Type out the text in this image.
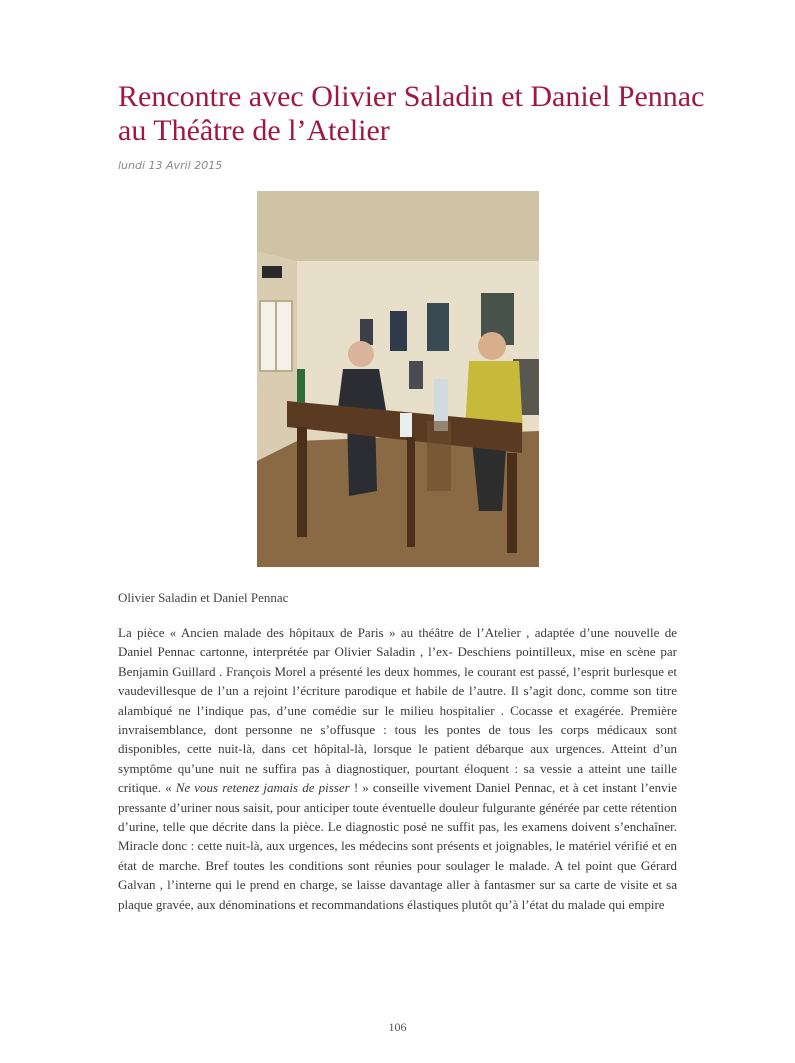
Rencontre avec Olivier Saladin et Daniel Pennac au Théâtre de l’Atelier
lundi 13 Avril 2015
Olivier Saladin et Daniel Pennac

La pièce « Ancien malade des hôpitaux de Paris » au théâtre de l’Atelier , adaptée d’une nouvelle de Daniel Pennac cartonne, interprétée par Olivier Saladin , l’ex- Deschiens pointilleux, mise en scène par Benjamin Guillard . François Morel a présenté les deux hommes, le courant est passé, l’esprit burlesque et vaudevillesque de l’un a rejoint l’écriture parodique et habile de l’autre. Il s’agit donc, comme son titre alambiqué ne l’indique pas, d’une comédie sur le milieu hospitalier . Cocasse et exagérée. Première invraisemblance, dont personne ne s’offusque : tous les pontes de tous les corps médicaux sont disponibles, cette nuit-là, dans cet hôpital-là, lorsque le patient débarque aux urgences. Atteint d’un symptôme qu’une nuit ne suffira pas à diagnostiquer, pourtant éloquent : sa vessie a atteint une taille critique. « Ne vous retenez jamais de pisser ! » conseille vivement Daniel Pennac, et à cet instant l’envie pressante d’uriner nous saisit, pour anticiper toute éventuelle douleur fulgurante générée par cette rétention d’urine, telle que décrite dans la pièce. Le diagnostic posé ne suffit pas, les examens doivent s’enchaîner. Miracle donc : cette nuit-là, aux urgences, les médecins sont présents et joignables, le matériel vérifié et en état de marche. Bref toutes les conditions sont réunies pour soulager le malade. A tel point que Gérard Galvan , l’interne qui le prend en charge, se laisse davantage aller à fantasmer sur sa carte de visite et sa plaque gravée, aux dénominations et recommandations élastiques plutôt qu’à l’état du malade qui empire

106
